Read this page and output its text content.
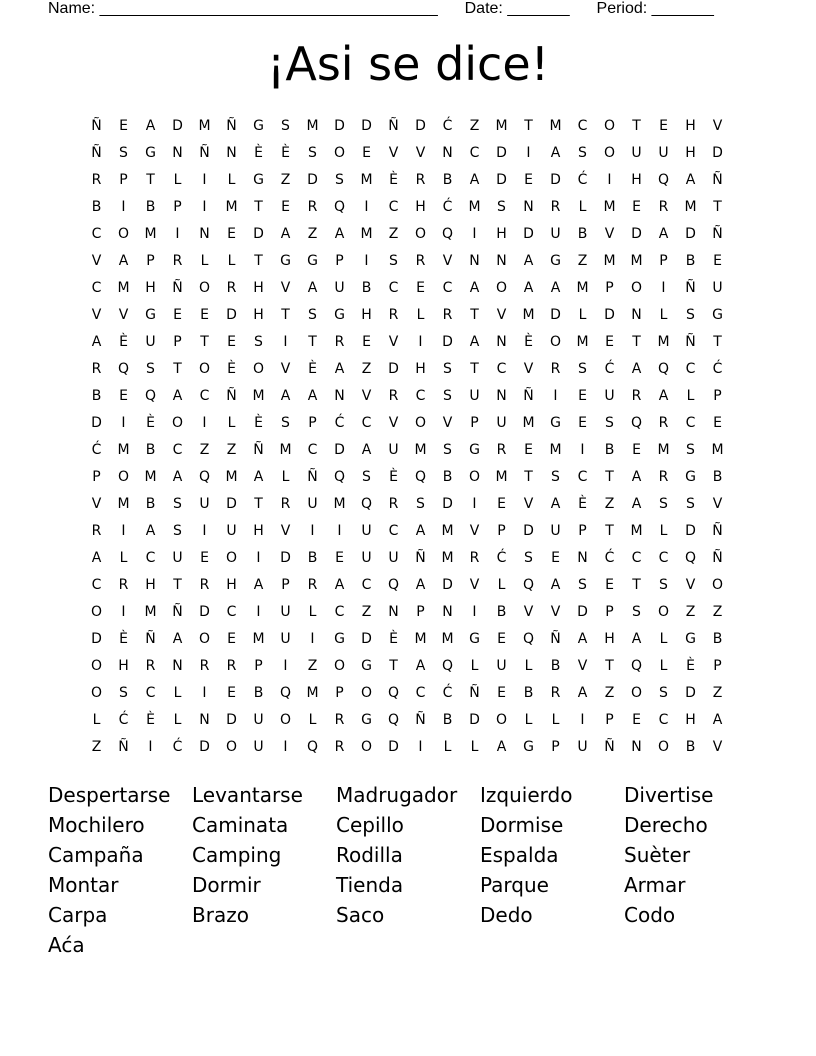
Name: ______________________________________ Date: _______ Period: _______
¡Asi se dice!
Ñ	E	A	D	M	Ñ	G	S	M	D	D	Ñ	D	Ć	Z	M	T	M	C	O	T	E	H	V
Ñ	S	G	N	Ñ	N	È	È	S	O	E	V	V	N	C	D	I	A	S	O	U	U	H	D
R	P	T	L	I	L	G	Z	D	S	M	È	R	B	A	D	E	D	Ć	I	H	Q	A	Ñ
B	I	B	P	I	M	T	E	R	Q	I	C	H	Ć	M	S	N	R	L	M	E	R	M	T
C	O	M	I	N	E	D	A	Z	A	M	Z	O	Q	I	H	D	U	B	V	D	A	D	Ñ
V	A	P	R	L	L	T	G	G	P	I	S	R	V	N	N	A	G	Z	M	M	P	B	E
C	M	H	Ñ	O	R	H	V	A	U	B	C	E	C	A	O	A	A	M	P	O	I	Ñ	U
V	V	G	E	E	D	H	T	S	G	H	R	L	R	T	V	M	D	L	D	N	L	S	G
A	È	U	P	T	E	S	I	T	R	E	V	I	D	A	N	È	O	M	E	T	M	Ñ	T
R	Q	S	T	O	È	O	V	È	A	Z	D	H	S	T	C	V	R	S	Ć	A	Q	C	Ć
B	E	Q	A	C	Ñ	M	A	A	N	V	R	C	S	U	N	Ñ	I	E	U	R	A	L	P
D	I	È	O	I	L	È	S	P	Ć	C	V	O	V	P	U	M	G	E	S	Q	R	C	E
Ć	M	B	C	Z	Z	Ñ	M	C	D	A	U	M	S	G	R	E	M	I	B	E	M	S	M
P	O	M	A	Q	M	A	L	Ñ	Q	S	È	Q	B	O	M	T	S	C	T	A	R	G	B
V	M	B	S	U	D	T	R	U	M	Q	R	S	D	I	E	V	A	È	Z	A	S	S	V
R	I	A	S	I	U	H	V	I	I	U	C	A	M	V	P	D	U	P	T	M	L	D	Ñ
A	L	C	U	E	O	I	D	B	E	U	U	Ñ	M	R	Ć	S	E	N	Ć	C	C	Q	Ñ
C	R	H	T	R	H	A	P	R	A	C	Q	A	D	V	L	Q	A	S	E	T	S	V	O
O	I	M	Ñ	D	C	I	U	L	C	Z	N	P	N	I	B	V	V	D	P	S	O	Z	Z
D	È	Ñ	A	O	E	M	U	I	G	D	È	M	M	G	E	Q	Ñ	A	H	A	L	G	B
O	H	R	N	R	R	P	I	Z	O	G	T	A	Q	L	U	L	B	V	T	Q	L	È	P
O	S	C	L	I	E	B	Q	M	P	O	Q	C	Ć	Ñ	E	B	R	A	Z	O	S	D	Z
L	Ć	È	L	N	D	U	O	L	R	G	Q	Ñ	B	D	O	L	L	I	P	E	C	H	A
Z	Ñ	I	Ć	D	O	U	I	Q	R	O	D	I	L	L	A	G	P	U	Ñ	N	O	B	V
Despertarse	Levantarse	Madrugador	Izquierdo	Divertise
Mochilero	Caminata	Cepillo	Dormise	Derecho
Campaña	Camping	Rodilla	Espalda	Suèter
Montar	Dormir	Tienda	Parque	Armar
Carpa	Brazo	Saco	Dedo	Codo
Aća
